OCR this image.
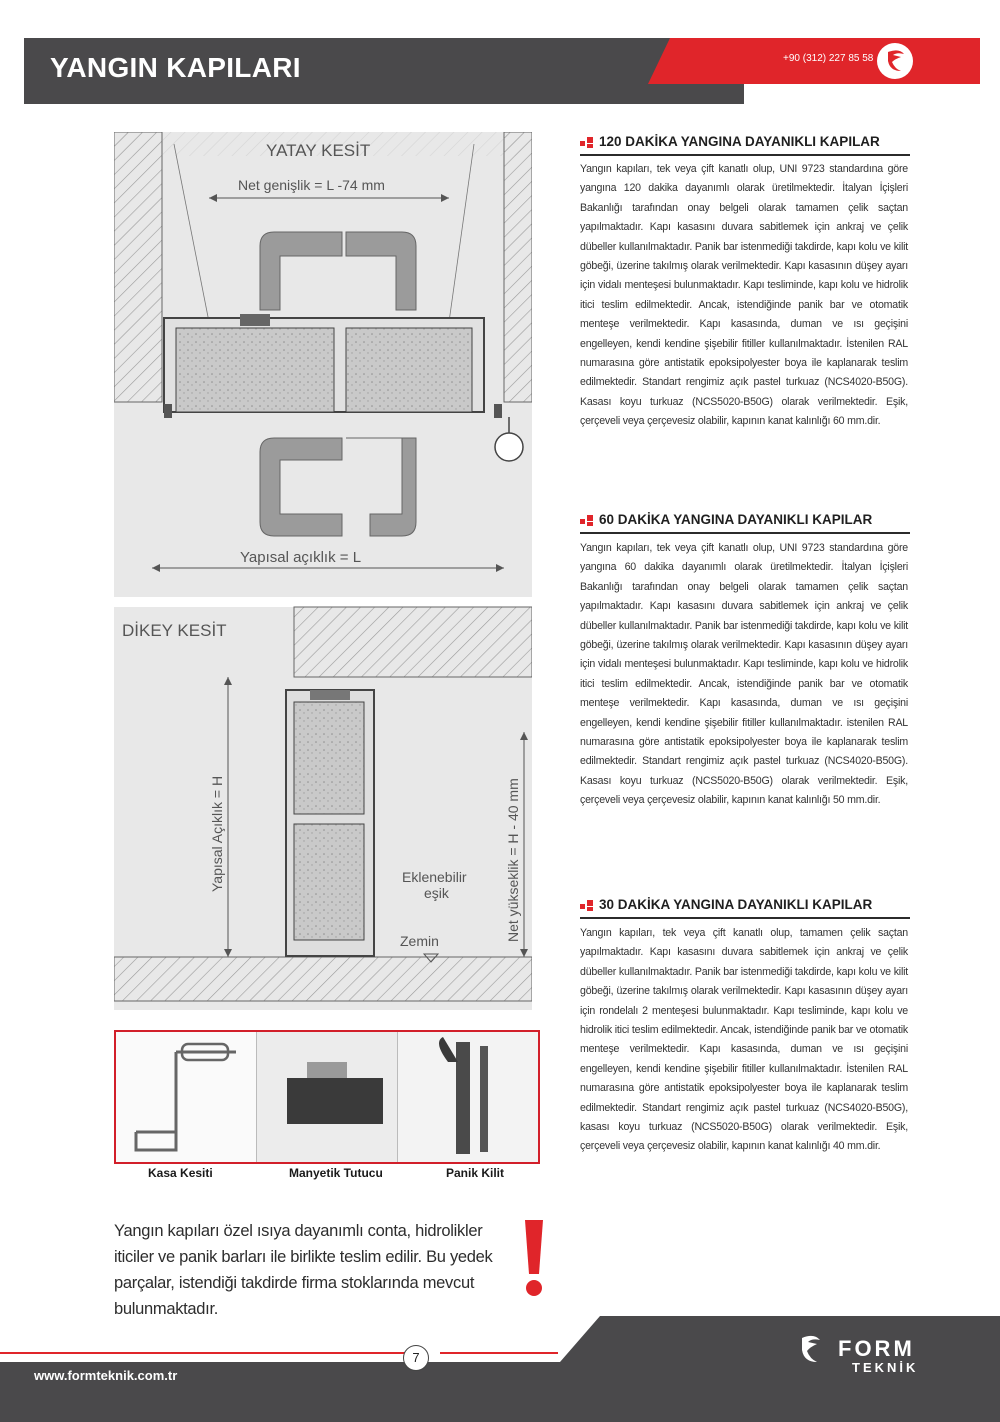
YANGIN KAPILARI	+90 (312) 227 85 58
YATAY KESİT
Net genişlik = L -74 mm
Yapısal açıklık = L
DİKEY KESİT
Yapısal Açıklık = H	Net yükseklik = H - 40 mm
Eklenebilir
eşik
Zemin
Kasa Kesiti	Manyetik Tutucu	Panik Kilit
120 DAKİKA YANGINA DAYANIKLI KAPILAR
Yangın kapıları, tek veya çift kanatlı olup, UNI 9723 standardına göre yangına 120 dakika dayanımlı olarak üretilmektedir. İtalyan İçişleri Bakanlığı tarafından onay belgeli olarak tamamen çelik saçtan yapılmaktadır. Kapı kasasını duvara sabitlemek için ankraj ve çelik dübeller kullanılmaktadır. Panik bar istenmediği takdirde, kapı kolu ve kilit göbeği, üzerine takılmış olarak verilmektedir. Kapı kasasının düşey ayarı için vidalı menteşesi bulunmaktadır. Kapı tesliminde, kapı kolu ve hidrolik itici teslim edilmektedir. Ancak, istendiğinde panik bar ve otomatik menteşe verilmektedir. Kapı kasasında, duman ve ısı geçişini engelleyen, kendi kendine şişebilir fitiller kullanılmaktadır. İstenilen RAL numarasına göre antistatik epoksipolyester boya ile kaplanarak teslim edilmektedir. Standart rengimiz açık pastel turkuaz (NCS4020-B50G). Kasası koyu turkuaz (NCS5020-B50G) olarak verilmektedir. Eşik, çerçeveli veya çerçevesiz olabilir, kapının kanat kalınlığı 60 mm.dir.
60 DAKİKA YANGINA DAYANIKLI KAPILAR
Yangın kapıları, tek veya çift kanatlı olup, UNI 9723 standardına göre yangına 60 dakika dayanımlı olarak üretilmektedir. İtalyan İçişleri Bakanlığı tarafından onay belgeli olarak tamamen çelik saçtan yapılmaktadır. Kapı kasasını duvara sabitlemek için ankraj ve çelik dübeller kullanılmaktadır. Panik bar istenmediği takdirde, kapı kolu ve kilit göbeği, üzerine takılmış olarak verilmektedir. Kapı kasasının düşey ayarı için vidalı menteşesi bulunmaktadır. Kapı tesliminde, kapı kolu ve hidrolik itici teslim edilmektedir. Ancak, istendiğinde panik bar ve otomatik menteşe verilmektedir. Kapı kasasında, duman ve ısı geçişini engelleyen, kendi kendine şişebilir fitiller kullanılmaktadır. istenilen RAL numarasına göre antistatik epoksipolyester boya ile kaplanarak teslim edilmektedir. Standart rengimiz açık pastel turkuaz (NCS4020-B50G). Kasası koyu turkuaz (NCS5020-B50G) olarak verilmektedir. Eşik, çerçeveli veya çerçevesiz olabilir, kapının kanat kalınlığı 50 mm.dir.
30 DAKİKA YANGINA DAYANIKLI KAPILAR
Yangın kapıları, tek veya çift kanatlı olup, tamamen çelik saçtan yapılmaktadır. Kapı kasasını duvara sabitlemek için ankraj ve çelik dübeller kullanılmaktadır. Panik bar istenmediği takdirde, kapı kolu ve kilit göbeği, üzerine takılmış olarak verilmektedir. Kapı kasasının düşey ayarı için rondelalı 2 menteşesi bulunmaktadır. Kapı tesliminde, kapı kolu ve hidrolik itici teslim edilmektedir. Ancak, istendiğinde panik bar ve otomatik menteşe verilmektedir. Kapı kasasında, duman ve ısı geçişini engelleyen, kendi kendine şişebilir fitiller kullanılmaktadır. İstenilen RAL numarasına göre antistatik epoksipolyester boya ile kaplanarak teslim edilmektedir. Standart rengimiz açık pastel turkuaz (NCS4020-B50G), kasası koyu turkuaz (NCS5020-B50G) olarak verilmektedir. Eşik, çerçeveli veya çerçevesiz olabilir, kapının kanat kalınlığı 40 mm.dir.
Yangın kapıları özel ısıya dayanımlı conta, hidrolikler iticiler ve panik barları ile birlikte teslim edilir. Bu yedek parçalar, istendiği takdirde firma stoklarında mevcut bulunmaktadır.
7
www.formteknik.com.tr
FORM
TEKNİK
